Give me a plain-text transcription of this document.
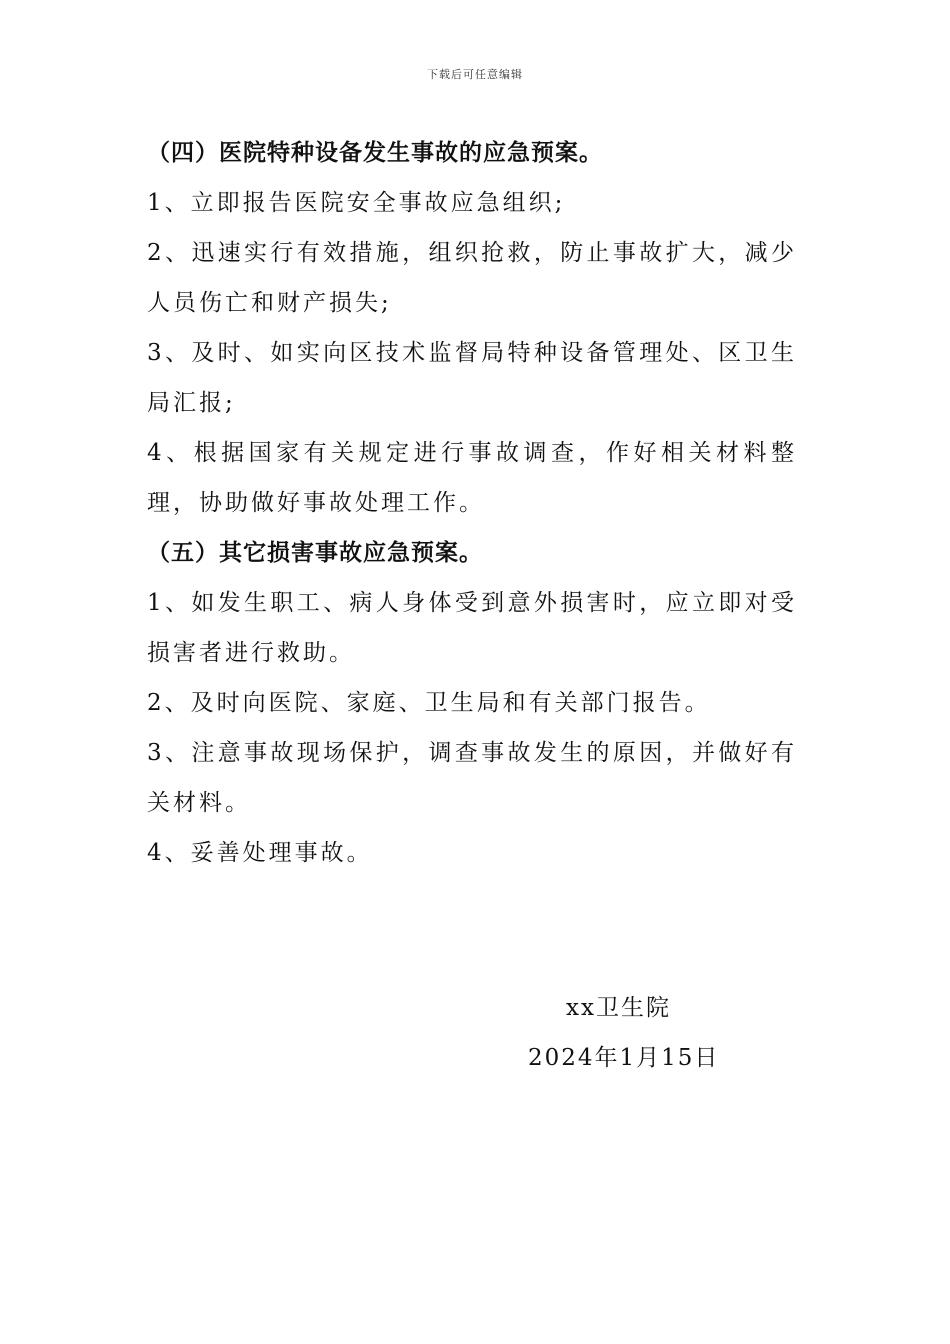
下载后可任意编辑

（四）医院特种设备发生事故的应急预案。

1、立即报告医院安全事故应急组织;

2、迅速实行有效措施，组织抢救，防止事故扩大，减少人员伤亡和财产损失;

3、及时、如实向区技术监督局特种设备管理处、区卫生局汇报;

4、根据国家有关规定进行事故调查，作好相关材料整理，协助做好事故处理工作。

（五）其它损害事故应急预案。

1、如发生职工、病人身体受到意外损害时，应立即对受损害者进行救助。

2、及时向医院、家庭、卫生局和有关部门报告。

3、注意事故现场保护，调查事故发生的原因，并做好有关材料。

4、妥善处理事故。

xx卫生院
2024年1月15日
